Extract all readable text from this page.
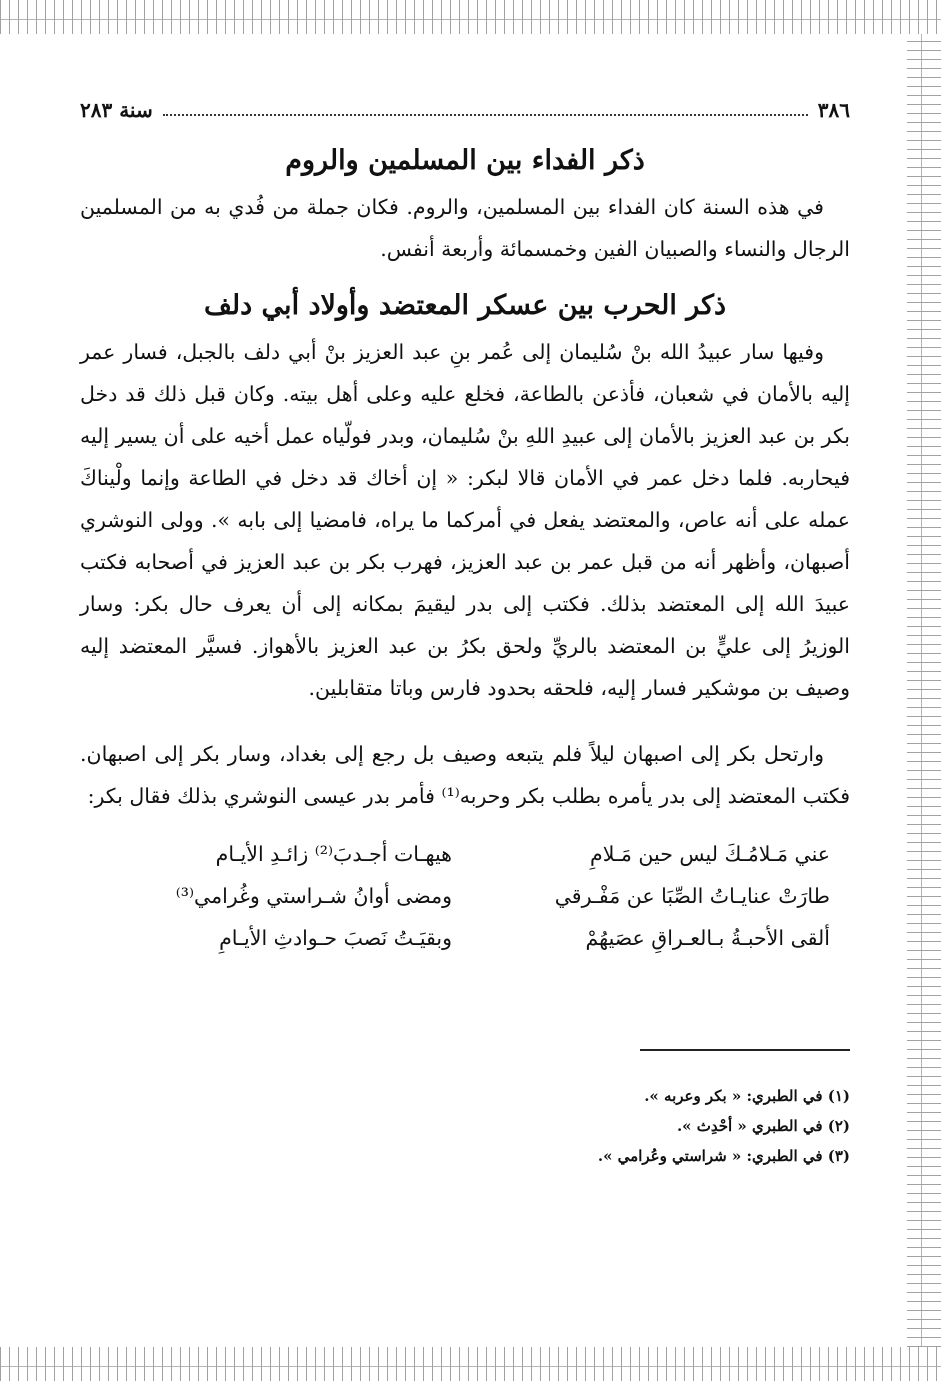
٣٨٦
سنة ٢٨٣
ذكر الفداء بين المسلمين والروم

في هذه السنة كان الفداء بين المسلمين، والروم. فكان جملة من فُدي به من المسلمين الرجال والنساء والصبيان الفين وخمسمائة وأربعة أنفس.

ذكر الحرب بين عسكر المعتضد وأولاد أبي دلف

وفيها سار عبيدُ الله بنْ سُليمان إلى عُمر بنِ عبد العزيز بنْ أبي دلف بالجبل، فسار عمر إليه بالأمان في شعبان، فأذعن بالطاعة، فخلع عليه وعلى أهل بيته. وكان قبل ذلك قد دخل بكر بن عبد العزيز بالأمان إلى عبيدِ اللهِ بنْ سُليمان، وبدر فولّياه عمل أخيه على أن يسير إليه فيحاربه. فلما دخل عمر في الأمان قالا لبكر: « إن أخاك قد دخل في الطاعة وإنما ولْيناكَ عمله على أنه عاص، والمعتضد يفعل في أمركما ما يراه، فامضيا إلى بابه ». وولى النوشري أصبهان، وأظهر أنه من قبل عمر بن عبد العزيز، فهرب بكر بن عبد العزيز في أصحابه فكتب عبيدَ الله إلى المعتضد بذلك. فكتب إلى بدر ليقيمَ بمكانه إلى أن يعرف حال بكر: وسار الوزيرُ إلى عليٍّ بن المعتضد بالريِّ ولحق بكرُ بن عبد العزيز بالأهواز. فسيَّر المعتضد إليه وصيف بن موشكير فسار إليه، فلحقه بحدود فارس وباتا متقابلين.

وارتحل بكر إلى اصبهان ليلاً فلم يتبعه وصيف بل رجع إلى بغداد، وسار بكر إلى اصبهان. فكتب المعتضد إلى بدر يأمره بطلب بكر وحربه⁽¹⁾ فأمر بدر عيسى النوشري بذلك فقال بكر:

عني مَـلامُـكَ ليس حين مَـلامِ
هيهـات أجـدبَ⁽²⁾ زائـدِ الأيـام
طارَتْ عنايـاتُ الصِّبَا عن مَفْـرقي
ومضى أوانُ شـراستي وغُرامي⁽³⁾
ألقى الأحبـةُ بـالعـراقِ عصَيهُمْ
وبقيَـتُ نَصبَ حـوادثِ الأيـامِ
(١) في الطبري: « بكر وعربه ».
(٢) في الطبري « أحْدِث ».
(٣) في الطبري: « شراستي وعُرامي ».
